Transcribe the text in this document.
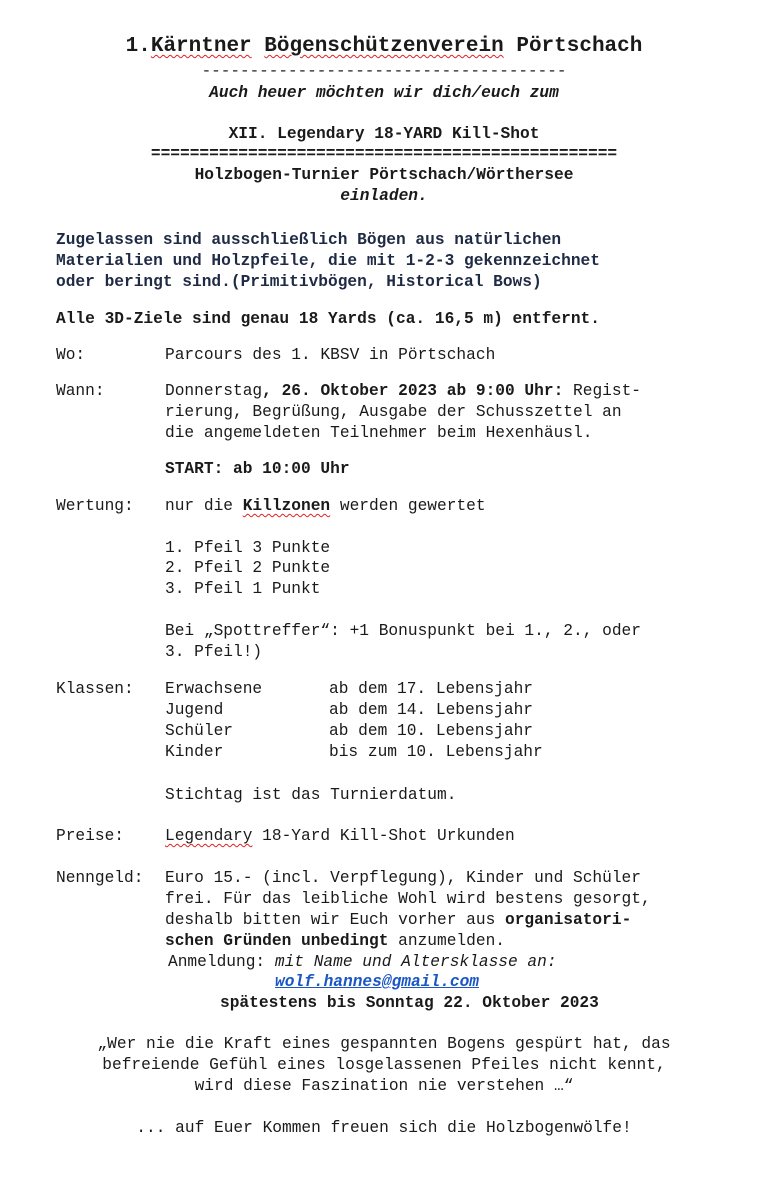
1.Kärntner Bögenschützenverein Pörtschach
--------------------------------------
Auch heuer möchten wir dich/euch zum
XII. Legendary 18-YARD Kill-Shot
================================================
Holzbogen-Turnier Pörtschach/Wörthersee
einladen.
Zugelassen sind ausschließlich Bögen aus natürlichen
Materialien und Holzpfeile, die mit 1-2-3 gekennzeichnet
oder beringt sind.(Primitivbögen, Historical Bows)
Alle 3D-Ziele sind genau 18 Yards (ca. 16,5 m) entfernt.
Wo:	Parcours des 1. KBSV in Pörtschach
Wann:	Donnerstag, 26. Oktober 2023 ab 9:00 Uhr: Regist-
rierung, Begrüßung, Ausgabe der Schusszettel an
die angemeldeten Teilnehmer beim Hexenhäusl.
START: ab 10:00 Uhr
Wertung: nur die Killzonen werden gewertet
1. Pfeil 3 Punkte
2. Pfeil 2 Punkte
3. Pfeil 1 Punkt
Bei „Spottreffer“: +1 Bonuspunkt bei 1., 2., oder
3. Pfeil!)
Klassen: Erwachsene	ab dem 17. Lebensjahr
Jugend	ab dem 14. Lebensjahr
Schüler	ab dem 10. Lebensjahr
Kinder	bis zum 10. Lebensjahr
Stichtag ist das Turnierdatum.
Preise:	Legendary 18-Yard Kill-Shot Urkunden
Nenngeld: Euro 15.- (incl. Verpflegung), Kinder und Schüler
frei. Für das leibliche Wohl wird bestens gesorgt,
deshalb bitten wir Euch vorher aus organisatori-
schen Gründen unbedingt anzumelden.
Anmeldung: mit Name und Altersklasse an:
wolf.hannes@gmail.com
spätestens bis Sonntag 22. Oktober 2023
„Wer nie die Kraft eines gespannten Bogens gespürt hat, das
befreiende Gefühl eines losgelassenen Pfeiles nicht kennt,
wird diese Faszination nie verstehen …“
... auf Euer Kommen freuen sich die Holzbogenwölfe!
